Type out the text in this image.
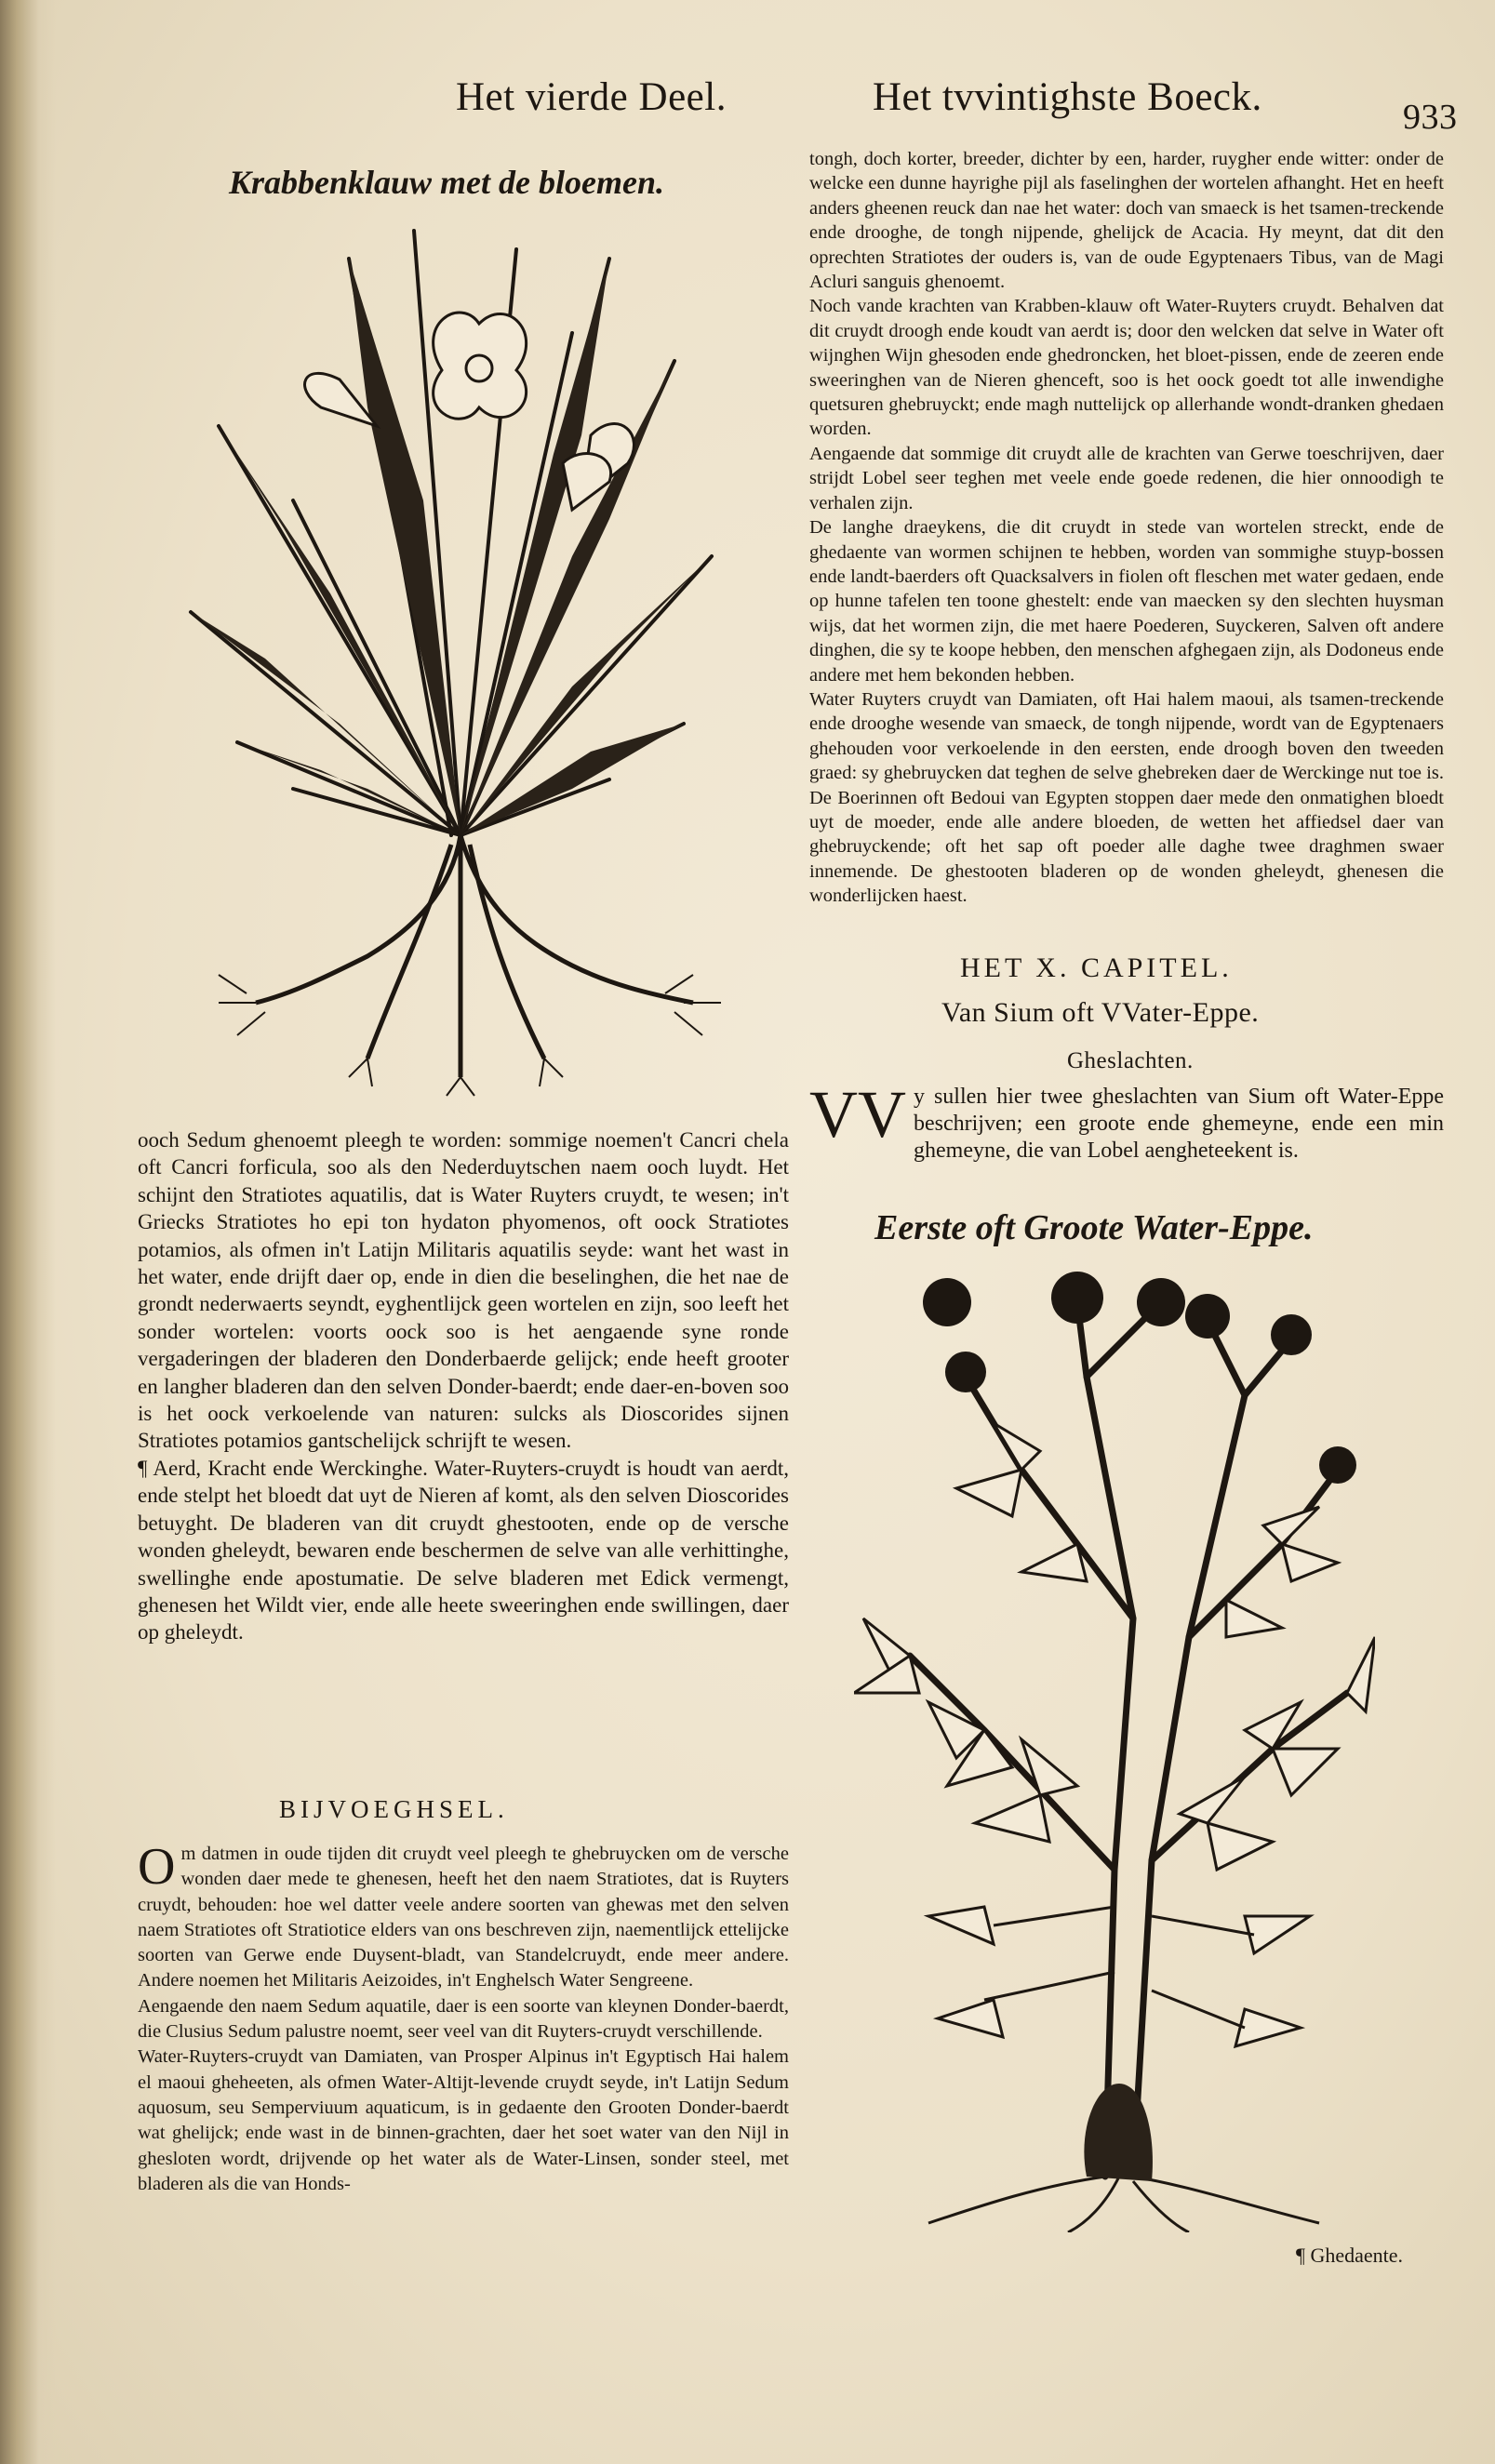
Het vierde Deel.	Het tvvintighste Boeck.	933
Krabbenklauw met de bloemen.

ooch Sedum ghenoemt pleegh te worden: sommige noemen't Cancri chela oft Cancri forficula, soo als den Nederduytschen naem ooch luydt. Het schijnt den Stratiotes aquatilis, dat is Water Ruyters cruydt, te wesen; in't Griecks Stratiotes ho epi ton hydaton phyomenos, oft oock Stratiotes potamios, als ofmen in't Latijn Militaris aquatilis seyde: want het wast in het water, ende drijft daer op, ende in dien die beselinghen, die het nae de grondt nederwaerts seyndt, eyghentlijck geen wortelen en zijn, soo leeft het sonder wortelen: voorts oock soo is het aengaende syne ronde vergaderingen der bladeren den Donderbaerde gelijck; ende heeft grooter en langher bladeren dan den selven Donder-baerdt; ende daer-en-boven soo is het oock verkoelende van naturen: sulcks als Dioscorides sijnen Stratiotes potamios gantschelijck schrijft te wesen.

¶ Aerd, Kracht ende Werckinghe. Water-Ruyters-cruydt is houdt van aerdt, ende stelpt het bloedt dat uyt de Nieren af komt, als den selven Dioscorides betuyght. De bladeren van dit cruydt ghestooten, ende op de versche wonden gheleydt, bewaren ende beschermen de selve van alle verhittinghe, swellinghe ende apostumatie. De selve bladeren met Edick vermengt, ghenesen het Wildt vier, ende alle heete sweeringhen ende swillingen, daer op gheleydt.

BIJVOEGHSEL.

Om datmen in oude tijden dit cruydt veel pleegh te ghebruycken om de versche wonden daer mede te ghenesen, heeft het den naem Stratiotes, dat is Ruyters cruydt, behouden: hoe wel datter veele andere soorten van ghewas met den selven naem Stratiotes oft Stratiotice elders van ons beschreven zijn, naementlijck ettelijcke soorten van Gerwe ende Duysent-bladt, van Standelcruydt, ende meer andere. Andere noemen het Militaris Aeizoides, in't Enghelsch Water Sengreene.

Aengaende den naem Sedum aquatile, daer is een soorte van kleynen Donder-baerdt, die Clusius Sedum palustre noemt, seer veel van dit Ruyters-cruydt verschillende.

Water-Ruyters-cruydt van Damiaten, van Prosper Alpinus in't Egyptisch Hai halem el maoui gheheeten, als ofmen Water-Altijt-levende cruydt seyde, in't Latijn Sedum aquosum, seu Semperviuum aquaticum, is in gedaente den Grooten Donder-baerdt wat ghelijck; ende wast in de binnen-grachten, daer het soet water van den Nijl in ghesloten wordt, drijvende op het water als de Water-Linsen, sonder steel, met bladeren als die van Honds-

tongh, doch korter, breeder, dichter by een, harder, ruygher ende witter: onder de welcke een dunne hayrighe pijl als faselinghen der wortelen afhanght. Het en heeft anders gheenen reuck dan nae het water: doch van smaeck is het tsamen-treckende ende drooghe, de tongh nijpende, ghelijck de Acacia. Hy meynt, dat dit den oprechten Stratiotes der ouders is, van de oude Egyptenaers Tibus, van de Magi Acluri sanguis ghenoemt.

Noch vande krachten van Krabben-klauw oft Water-Ruyters cruydt. Behalven dat dit cruydt droogh ende koudt van aerdt is; door den welcken dat selve in Water oft wijnghen Wijn ghesoden ende ghedroncken, het bloet-pissen, ende de zeeren ende sweeringhen van de Nieren ghenceft, soo is het oock goedt tot alle inwendighe quetsuren ghebruyckt; ende magh nuttelijck op allerhande wondt-dranken ghedaen worden.

Aengaende dat sommige dit cruydt alle de krachten van Gerwe toeschrijven, daer strijdt Lobel seer teghen met veele ende goede redenen, die hier onnoodigh te verhalen zijn.

De langhe draeykens, die dit cruydt in stede van wortelen streckt, ende de ghedaente van wormen schijnen te hebben, worden van sommighe stuyp-bossen ende landt-baerders oft Quacksalvers in fiolen oft fleschen met water gedaen, ende op hunne tafelen ten toone ghestelt: ende van maecken sy den slechten huysman wijs, dat het wormen zijn, die met haere Poederen, Suyckeren, Salven oft andere dinghen, die sy te koope hebben, den menschen afghegaen zijn, als Dodoneus ende andere met hem bekonden hebben.

Water Ruyters cruydt van Damiaten, oft Hai halem maoui, als tsamen-treckende ende drooghe wesende van smaeck, de tongh nijpende, wordt van de Egyptenaers ghehouden voor verkoelende in den eersten, ende droogh boven den tweeden graed: sy ghebruycken dat teghen de selve ghebreken daer de Werckinge nut toe is. De Boerinnen oft Bedoui van Egypten stoppen daer mede den onmatighen bloedt uyt de moeder, ende alle andere bloeden, de wetten het affiedsel daer van ghebruyckende; oft het sap oft poeder alle daghe twee draghmen swaer innemende. De ghestooten bladeren op de wonden gheleydt, ghenesen die wonderlijcken haest.

HET X. CAPITEL.
Van Sium oft VVater-Eppe.
Gheslachten.
VV y sullen hier twee gheslachten van Sium oft Water-Eppe beschrijven; een groote ende ghemeyne, ende een min ghemeyne, die van Lobel aengheteekent is.
Eerste oft Groote Water-Eppe.
¶ Ghedaente.
